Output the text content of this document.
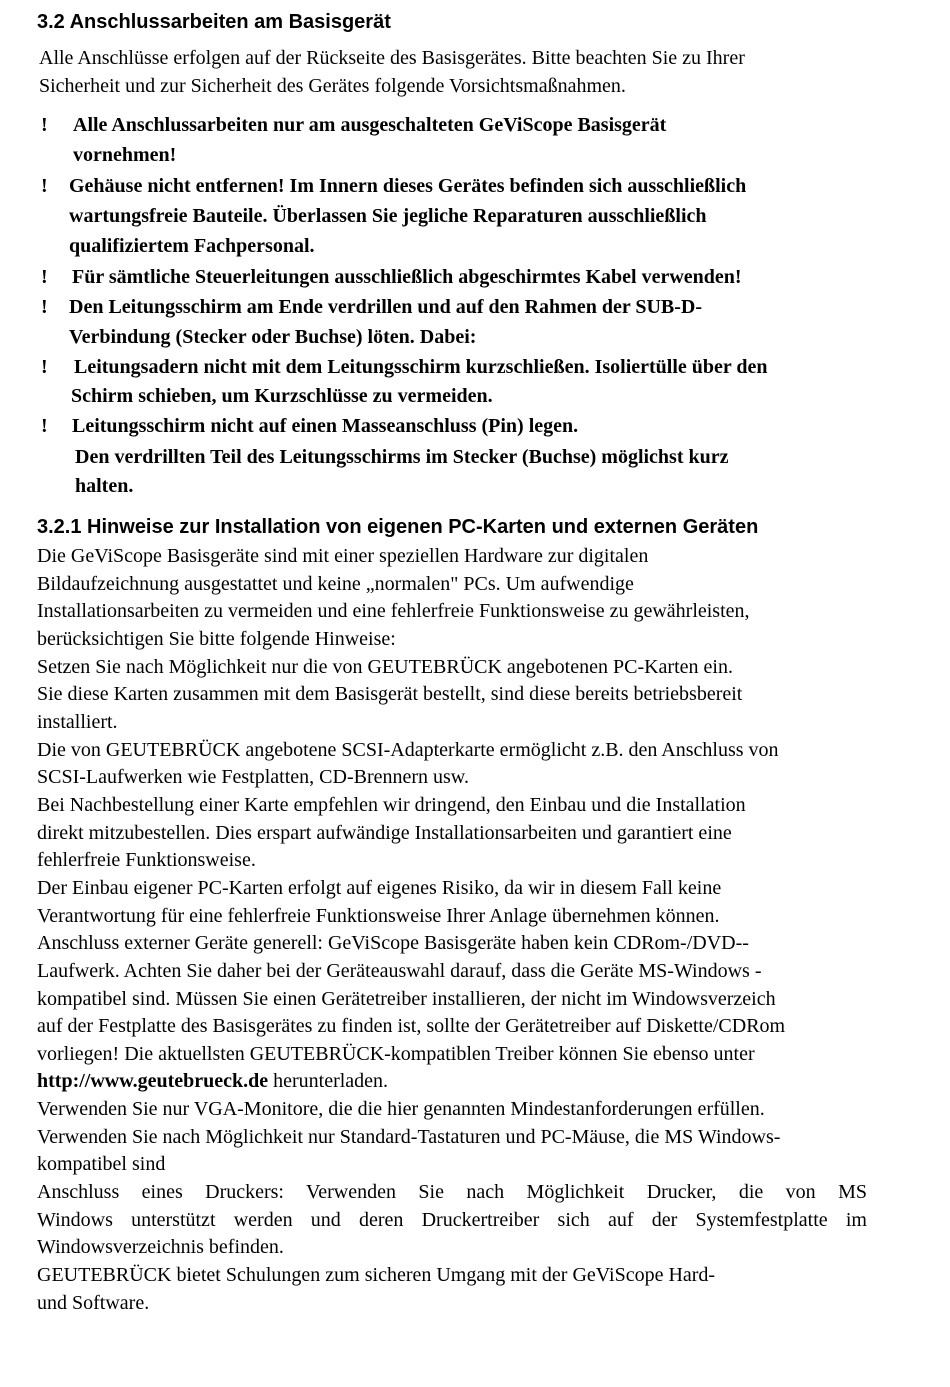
3.2 Anschlussarbeiten am Basisgerät

Alle Anschlüsse erfolgen auf der Rückseite des Basisgerätes. Bitte beachten Sie zu Ihrer

Sicherheit und zur Sicherheit des Gerätes folgende Vorsichtsmaßnahmen.

! Alle Anschlussarbeiten nur am ausgeschalteten GeViScope Basisgerät

vornehmen!

! Gehäuse nicht entfernen! Im Innern dieses Gerätes befinden sich ausschließlich

wartungsfreie Bauteile. Überlassen Sie jegliche Reparaturen ausschließlich

qualifiziertem Fachpersonal.

! Für sämtliche Steuerleitungen ausschließlich abgeschirmtes Kabel verwenden!

! Den Leitungsschirm am Ende verdrillen und auf den Rahmen der SUB-D-

Verbindung (Stecker oder Buchse) löten. Dabei:

! Leitungsadern nicht mit dem Leitungsschirm kurzschließen. Isoliertülle über den

Schirm schieben, um Kurzschlüsse zu vermeiden.

! Leitungsschirm nicht auf einen Masseanschluss (Pin) legen.

Den verdrillten Teil des Leitungsschirms im Stecker (Buchse) möglichst kurz

halten.

3.2.1 Hinweise zur Installation von eigenen PC-Karten und externen Geräten

Die GeViScope Basisgeräte sind mit einer speziellen Hardware zur digitalen

Bildaufzeichnung ausgestattet und keine „normalen" PCs. Um aufwendige

Installationsarbeiten zu vermeiden und eine fehlerfreie Funktionsweise zu gewährleisten,

berücksichtigen Sie bitte folgende Hinweise:

Setzen Sie nach Möglichkeit nur die von GEUTEBRÜCK angebotenen PC-Karten ein.

Sie diese Karten zusammen mit dem Basisgerät bestellt, sind diese bereits betriebsbereit

installiert.

Die von GEUTEBRÜCK angebotene SCSI-Adapterkarte ermöglicht z.B. den Anschluss von

SCSI-Laufwerken wie Festplatten, CD-Brennern usw.

Bei Nachbestellung einer Karte empfehlen wir dringend, den Einbau und die Installation

direkt mitzubestellen. Dies erspart aufwändige Installationsarbeiten und garantiert eine

fehlerfreie Funktionsweise.

Der Einbau eigener PC-Karten erfolgt auf eigenes Risiko, da wir in diesem Fall keine

Verantwortung für eine fehlerfreie Funktionsweise Ihrer Anlage übernehmen können.

Anschluss externer Geräte generell: GeViScope Basisgeräte haben kein CDRom-/DVD--

Laufwerk. Achten Sie daher bei der Geräteauswahl darauf, dass die Geräte MS-Windows -

kompatibel sind. Müssen Sie einen Gerätetreiber installieren, der nicht im Windowsverzeich

auf der Festplatte des Basisgerätes zu finden ist, sollte der Gerätetreiber auf Diskette/CDRom

vorliegen! Die aktuellsten GEUTEBRÜCK-kompatiblen Treiber können Sie ebenso unter

http://www.geutebrueck.de herunterladen.

Verwenden Sie nur VGA-Monitore, die die hier genannten Mindestanforderungen erfüllen.

Verwenden Sie nach Möglichkeit nur Standard-Tastaturen und PC-Mäuse, die MS Windows-

kompatibel sind

Anschluss eines Druckers: Verwenden Sie nach Möglichkeit Drucker, die von MS

Windows unterstützt werden und deren Druckertreiber sich auf der Systemfestplatte im

Windowsverzeichnis befinden.

GEUTEBRÜCK bietet Schulungen zum sicheren Umgang mit der GeViScope Hard-

und Software.
